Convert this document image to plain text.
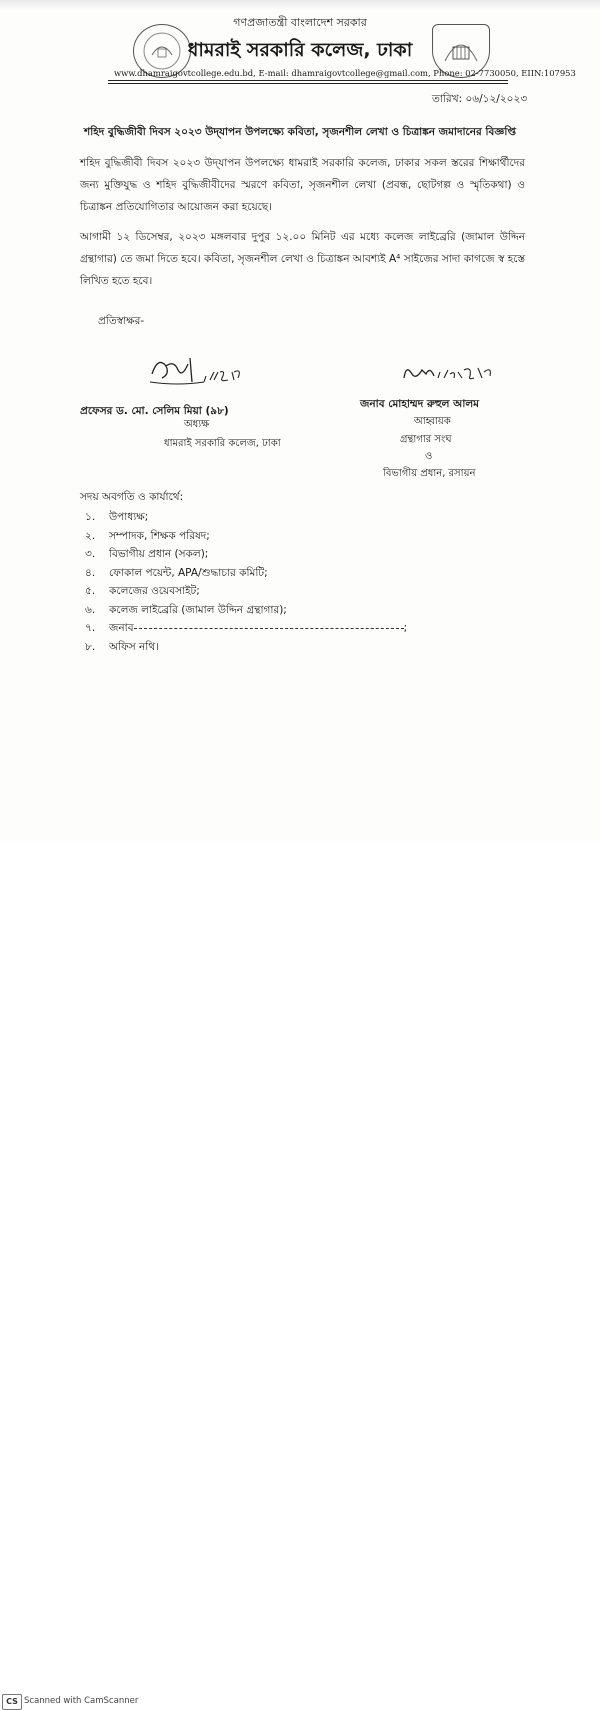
গণপ্রজাতন্ত্রী বাংলাদেশ সরকার
ধামরাই সরকারি কলেজ, ঢাকা
www.dhamraigovtcollege.edu.bd, E-mail: dhamraigovtcollege@gmail.com, Phone: 02-7730050, EIIN:107953
তারিখ: ০৬/১২/২০২৩
শহিদ বুদ্ধিজীবী দিবস ২০২৩ উদ্‌যাপন উপলক্ষ্যে কবিতা, সৃজনশীল লেখা ও চিত্রাঙ্কন জমাদানের বিজ্ঞপ্তি
শহিদ বুদ্ধিজীবী দিবস ২০২৩ উদ্‌যাপন উপলক্ষ্যে ধামরাই সরকারি কলেজ, ঢাকার সকল স্তরের শিক্ষার্থীদের জন্য মুক্তিযুদ্ধ ও শহিদ বুদ্ধিজীবীদের স্মরণে কবিতা, সৃজনশীল লেখা (প্রবন্ধ, ছোটগল্প ও স্মৃতিকথা) ও চিত্রাঙ্কন প্রতিযোগিতার আয়োজন করা হয়েছে।
আগামী ১২ ডিসেম্বর, ২০২৩ মঙ্গলবার দুপুর ১২.০০ মিনিট এর মধ্যে কলেজ লাইব্রেরি (জামাল উদ্দিন গ্রন্থাগার) তে জমা দিতে হবে। কবিতা, সৃজনশীল লেখা ও চিত্রাঙ্কন আবশ্যই A⁴ সাইজের সাদা কাগজে স্ব হস্তে লিখিত হতে হবে।
প্রতিস্বাক্ষর-
প্রফেসর ড. মো. সেলিম মিয়া (৯৮)
অধ্যক্ষ
ধামরাই সরকারি কলেজ, ঢাকা
জনাব মোহাম্মদ রুহুল আলম
আহ্বায়ক
গ্রন্থাগার সংঘ
ও
বিভাগীয় প্রধান, রসায়ন
সদয় অবগতি ও কার্যার্থে:
১. উপাধ্যক্ষ;
২. সম্পাদক, শিক্ষক পরিষদ;
৩. বিভাগীয় প্রধান (সকল);
৪. ফোকাল পয়েন্ট, APA/শুদ্ধাচার কমিটি;
৫. কলেজের ওয়েবসাইট;
৬. কলেজ লাইব্রেরি (জামাল উদ্দিন গ্রন্থাগার);
৭. জনাব	;
৮. অফিস নথি।
CS Scanned with CamScanner
